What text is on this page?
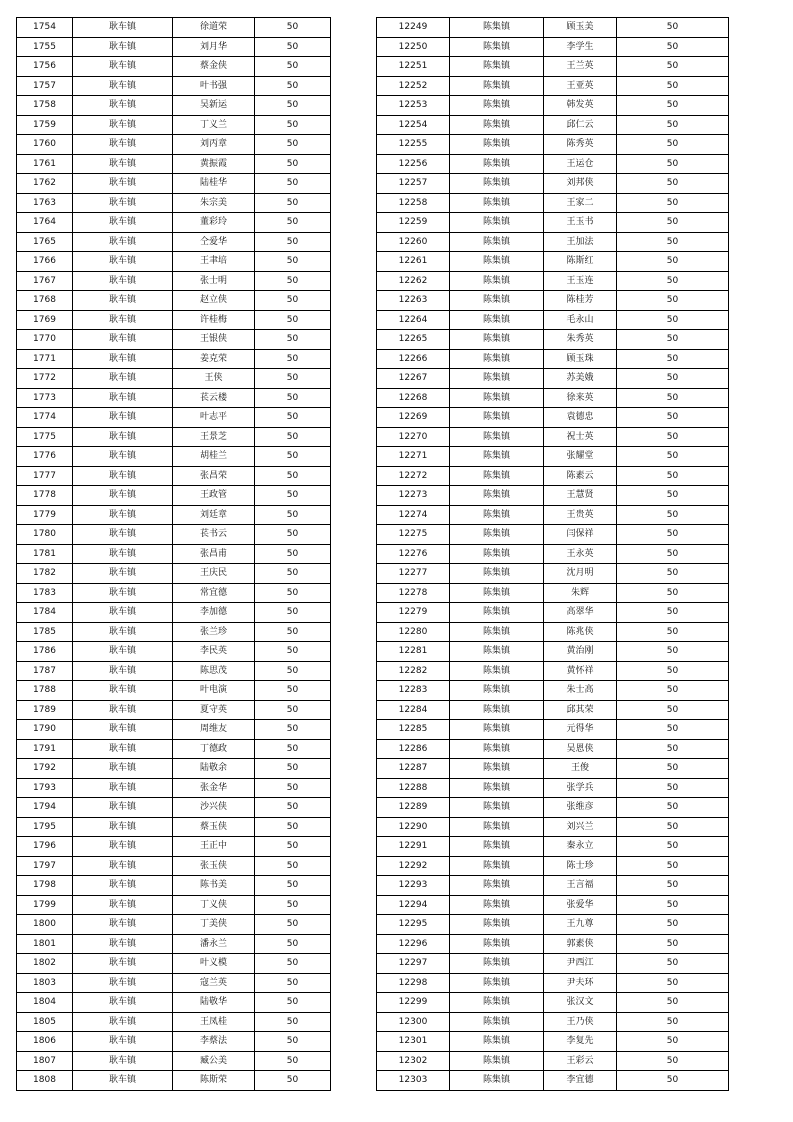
1754	耿车镇	徐道荣	50
1755	耿车镇	刘月华	50
1756	耿车镇	蔡金侠	50
1757	耿车镇	叶书强	50
1758	耿车镇	吴新运	50
1759	耿车镇	丁义兰	50
1760	耿车镇	刘丙章	50
1761	耿车镇	黄振霞	50
1762	耿车镇	陆桂华	50
1763	耿车镇	朱宗美	50
1764	耿车镇	董彩玲	50
1765	耿车镇	仝爱华	50
1766	耿车镇	王聿培	50
1767	耿车镇	张士明	50
1768	耿车镇	赵立侠	50
1769	耿车镇	许桂梅	50
1770	耿车镇	王银侠	50
1771	耿车镇	姜克荣	50
1772	耿车镇	王侠	50
1773	耿车镇	苌云楼	50
1774	耿车镇	叶志平	50
1775	耿车镇	王景芝	50
1776	耿车镇	胡桂兰	50
1777	耿车镇	张昌荣	50
1778	耿车镇	王政管	50
1779	耿车镇	刘廷章	50
1780	耿车镇	苌书云	50
1781	耿车镇	张昌甫	50
1782	耿车镇	王庆民	50
1783	耿车镇	常宜德	50
1784	耿车镇	李加德	50
1785	耿车镇	张兰珍	50
1786	耿车镇	李民英	50
1787	耿车镇	陈思茂	50
1788	耿车镇	叶电演	50
1789	耿车镇	夏守英	50
1790	耿车镇	周维友	50
1791	耿车镇	丁德政	50
1792	耿车镇	陆敬余	50
1793	耿车镇	张金华	50
1794	耿车镇	沙兴侠	50
1795	耿车镇	蔡玉侠	50
1796	耿车镇	王正中	50
1797	耿车镇	张玉侠	50
1798	耿车镇	陈书美	50
1799	耿车镇	丁义侠	50
1800	耿车镇	丁美侠	50
1801	耿车镇	潘永兰	50
1802	耿车镇	叶义模	50
1803	耿车镇	寇兰英	50
1804	耿车镇	陆敬华	50
1805	耿车镇	王凤桂	50
1806	耿车镇	李蔡法	50
1807	耿车镇	臧公美	50
1808	耿车镇	陈斯荣	50
12249	陈集镇	顾玉美	50
12250	陈集镇	李学生	50
12251	陈集镇	王兰英	50
12252	陈集镇	王亚英	50
12253	陈集镇	韩发英	50
12254	陈集镇	邱仁云	50
12255	陈集镇	陈秀英	50
12256	陈集镇	王运仓	50
12257	陈集镇	刘邦侠	50
12258	陈集镇	王家二	50
12259	陈集镇	王玉书	50
12260	陈集镇	王加法	50
12261	陈集镇	陈斯红	50
12262	陈集镇	王玉连	50
12263	陈集镇	陈桂芳	50
12264	陈集镇	毛永山	50
12265	陈集镇	朱秀英	50
12266	陈集镇	顾玉珠	50
12267	陈集镇	苏美娥	50
12268	陈集镇	徐来英	50
12269	陈集镇	袁德忠	50
12270	陈集镇	祝士英	50
12271	陈集镇	张耀堂	50
12272	陈集镇	陈素云	50
12273	陈集镇	王慧贤	50
12274	陈集镇	王贵英	50
12275	陈集镇	闫保祥	50
12276	陈集镇	王永英	50
12277	陈集镇	沈月明	50
12278	陈集镇	朱辉	50
12279	陈集镇	高翠华	50
12280	陈集镇	陈兆侠	50
12281	陈集镇	黄治刚	50
12282	陈集镇	黄怀祥	50
12283	陈集镇	朱士高	50
12284	陈集镇	邱其荣	50
12285	陈集镇	元得华	50
12286	陈集镇	吴恩侠	50
12287	陈集镇	王俊	50
12288	陈集镇	张学兵	50
12289	陈集镇	张维彦	50
12290	陈集镇	刘兴兰	50
12291	陈集镇	秦永立	50
12292	陈集镇	陈士珍	50
12293	陈集镇	王言福	50
12294	陈集镇	张爱华	50
12295	陈集镇	王九尊	50
12296	陈集镇	郭素侠	50
12297	陈集镇	尹西江	50
12298	陈集镇	尹夫环	50
12299	陈集镇	张汉文	50
12300	陈集镇	王乃侠	50
12301	陈集镇	李复先	50
12302	陈集镇	王彩云	50
12303	陈集镇	李宜德	50
